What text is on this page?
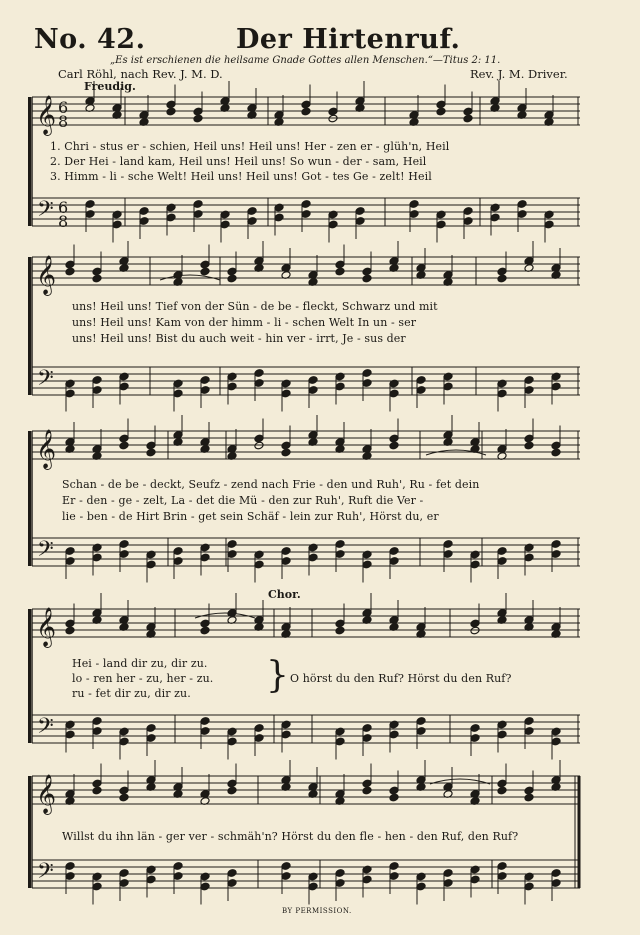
No. 42.	Der Hirtenruf.
„Es ist erschienen die heilsame Gnade Gottes allen Menschen.“—Titus 2: 11.
Carl Röhl, nach Rev. J. M. D.	Rev. J. M. Driver.
Freudig.
𝄞
𝄢
𝄞
𝄢
𝄞
𝄢
𝄞
𝄢
𝄞
𝄢
6
8
6
8
1. Chri - stus er - schien, Heil uns! Heil uns! Her - zen er - glüh'n, Heil
2. Der Hei - land kam, Heil uns! Heil uns! So wun - der - sam, Heil
3. Himm - li - sche Welt! Heil uns! Heil uns! Got - tes Ge - zelt! Heil
uns! Heil uns! Tief von der Sün - de be - fleckt, Schwarz und mit
uns! Heil uns! Kam von der himm - li - schen Welt In un - ser
uns! Heil uns! Bist du auch weit - hin ver - irrt, Je - sus der
Schan - de be - deckt, Seufz - zend nach Frie - den und Ruh', Ru - fet dein
Er - den - ge - zelt, La - det die Mü - den zur Ruh', Ruft die Ver -
lie - ben - de Hirt Brin - get sein Schäf - lein zur Ruh', Hörst du, er
Chor.
Hei - land dir zu, dir zu.
lo - ren her - zu, her - zu.
ru - fet dir zu, dir zu. } O hörst du den Ruf? Hörst du den Ruf?
Willst du ihn län - ger ver - schmäh'n? Hörst du den fle - hen - den Ruf, den Ruf?
BY PERMISSION.
